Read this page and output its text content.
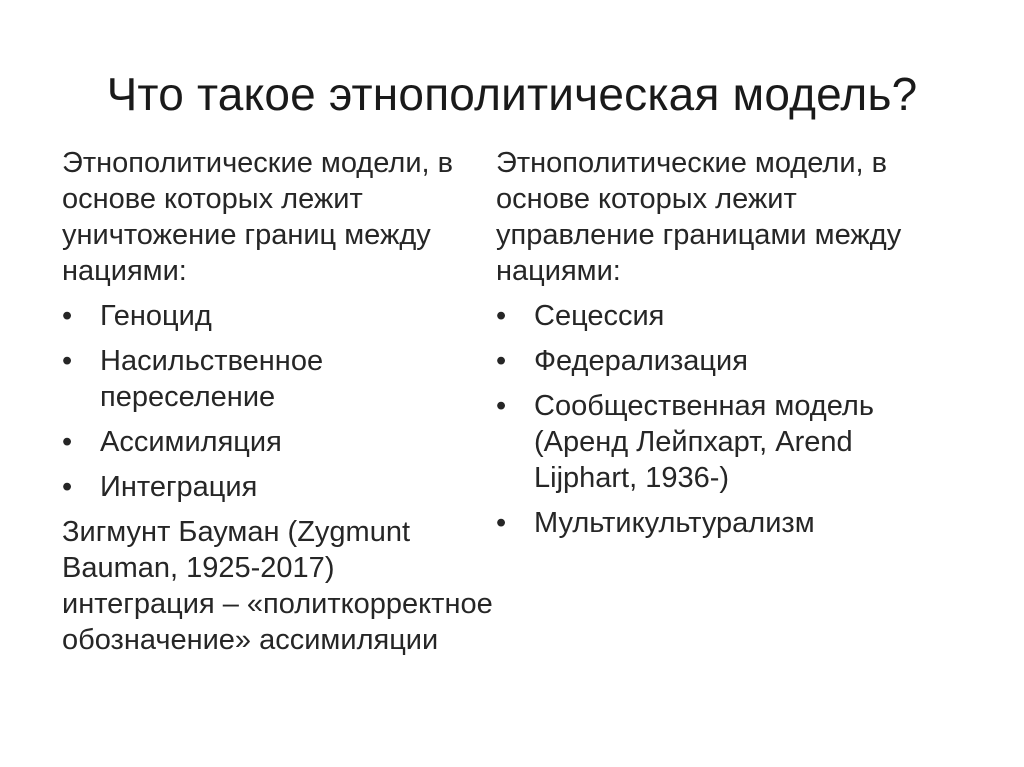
Что такое этнополитическая модель?

Этнополитические модели, в основе которых лежит уничтожение границ между нациями:

• Геноцид
• Насильственное переселение
• Ассимиляция
• Интеграция

Зигмунт Бауман (Zygmunt Bauman, 1925-2017) интеграция – «политкорректное обозначение» ассимиляции

Этнополитические модели, в основе которых лежит управление границами между нациями:

• Сецессия
• Федерализация
• Сообщественная модель (Аренд Лейпхарт, Arend Lijphart, 1936-)
• Мультикультурализм
